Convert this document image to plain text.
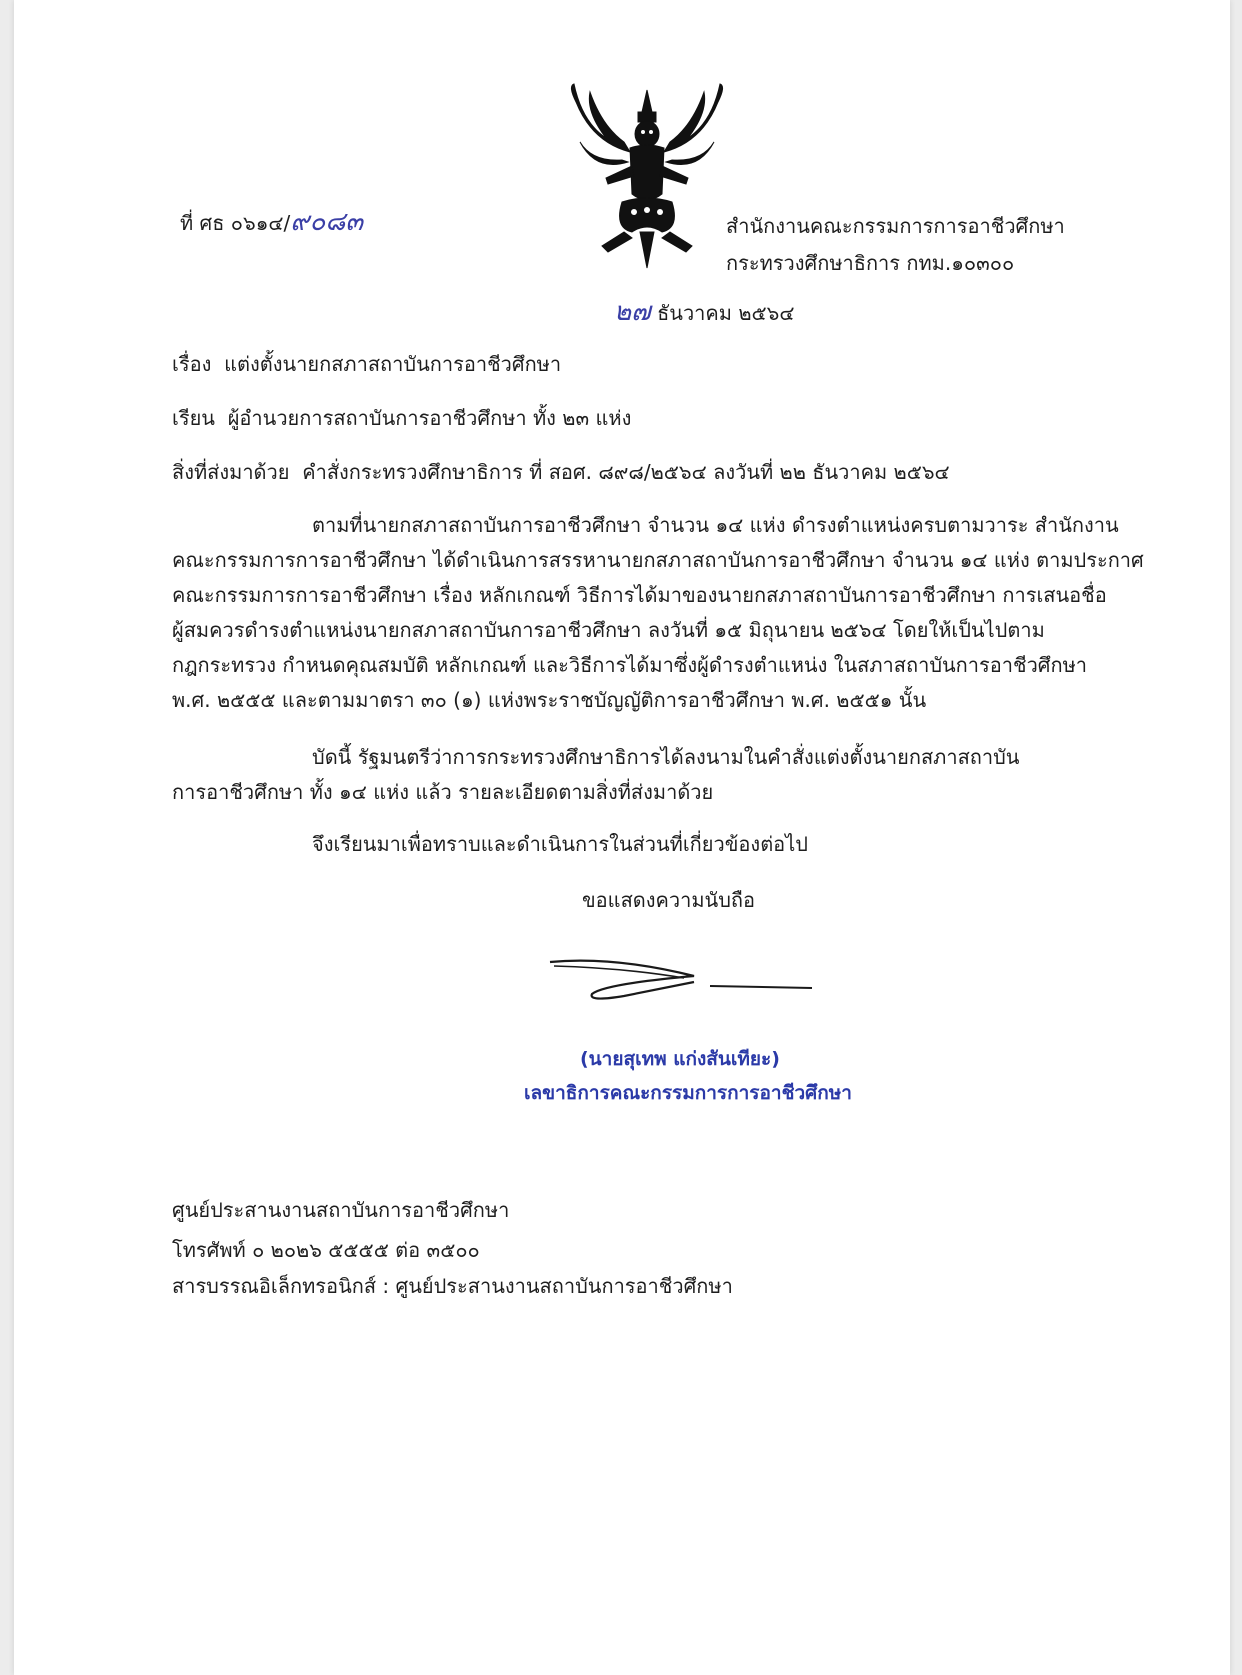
ที่ ศธ ๐๖๑๔/๙๐๘๓	สำนักงานคณะกรรมการการอาชีวศึกษา
กระทรวงศึกษาธิการ กทม.๑๐๓๐๐
๒๗ ธันวาคม ๒๕๖๔
เรื่อง แต่งตั้งนายกสภาสถาบันการอาชีวศึกษา
เรียน ผู้อำนวยการสถาบันการอาชีวศึกษา ทั้ง ๒๓ แห่ง
สิ่งที่ส่งมาด้วย คำสั่งกระทรวงศึกษาธิการ ที่ สอศ. ๘๙๘/๒๕๖๔ ลงวันที่ ๒๒ ธันวาคม ๒๕๖๔
ตามที่นายกสภาสถาบันการอาชีวศึกษา จำนวน ๑๔ แห่ง ดำรงตำแหน่งครบตามวาระ สำนักงาน
คณะกรรมการการอาชีวศึกษา ได้ดำเนินการสรรหานายกสภาสถาบันการอาชีวศึกษา จำนวน ๑๔ แห่ง ตามประกาศ
คณะกรรมการการอาชีวศึกษา เรื่อง หลักเกณฑ์ วิธีการได้มาของนายกสภาสถาบันการอาชีวศึกษา การเสนอชื่อ
ผู้สมควรดำรงตำแหน่งนายกสภาสถาบันการอาชีวศึกษา ลงวันที่ ๑๕ มิถุนายน ๒๕๖๔ โดยให้เป็นไปตาม
กฎกระทรวง กำหนดคุณสมบัติ หลักเกณฑ์ และวิธีการได้มาซึ่งผู้ดำรงตำแหน่ง ในสภาสถาบันการอาชีวศึกษา
พ.ศ. ๒๕๕๕ และตามมาตรา ๓๐ (๑) แห่งพระราชบัญญัติการอาชีวศึกษา พ.ศ. ๒๕๕๑ นั้น
บัดนี้ รัฐมนตรีว่าการกระทรวงศึกษาธิการได้ลงนามในคำสั่งแต่งตั้งนายกสภาสถาบัน
การอาชีวศึกษา ทั้ง ๑๔ แห่ง แล้ว รายละเอียดตามสิ่งที่ส่งมาด้วย
จึงเรียนมาเพื่อทราบและดำเนินการในส่วนที่เกี่ยวข้องต่อไป
ขอแสดงความนับถือ
(นายสุเทพ แก่งสันเทียะ)
เลขาธิการคณะกรรมการการอาชีวศึกษา
ศูนย์ประสานงานสถาบันการอาชีวศึกษา
โทรศัพท์ ๐ ๒๐๒๖ ๕๕๕๕ ต่อ ๓๕๐๐
สารบรรณอิเล็กทรอนิกส์ : ศูนย์ประสานงานสถาบันการอาชีวศึกษา
